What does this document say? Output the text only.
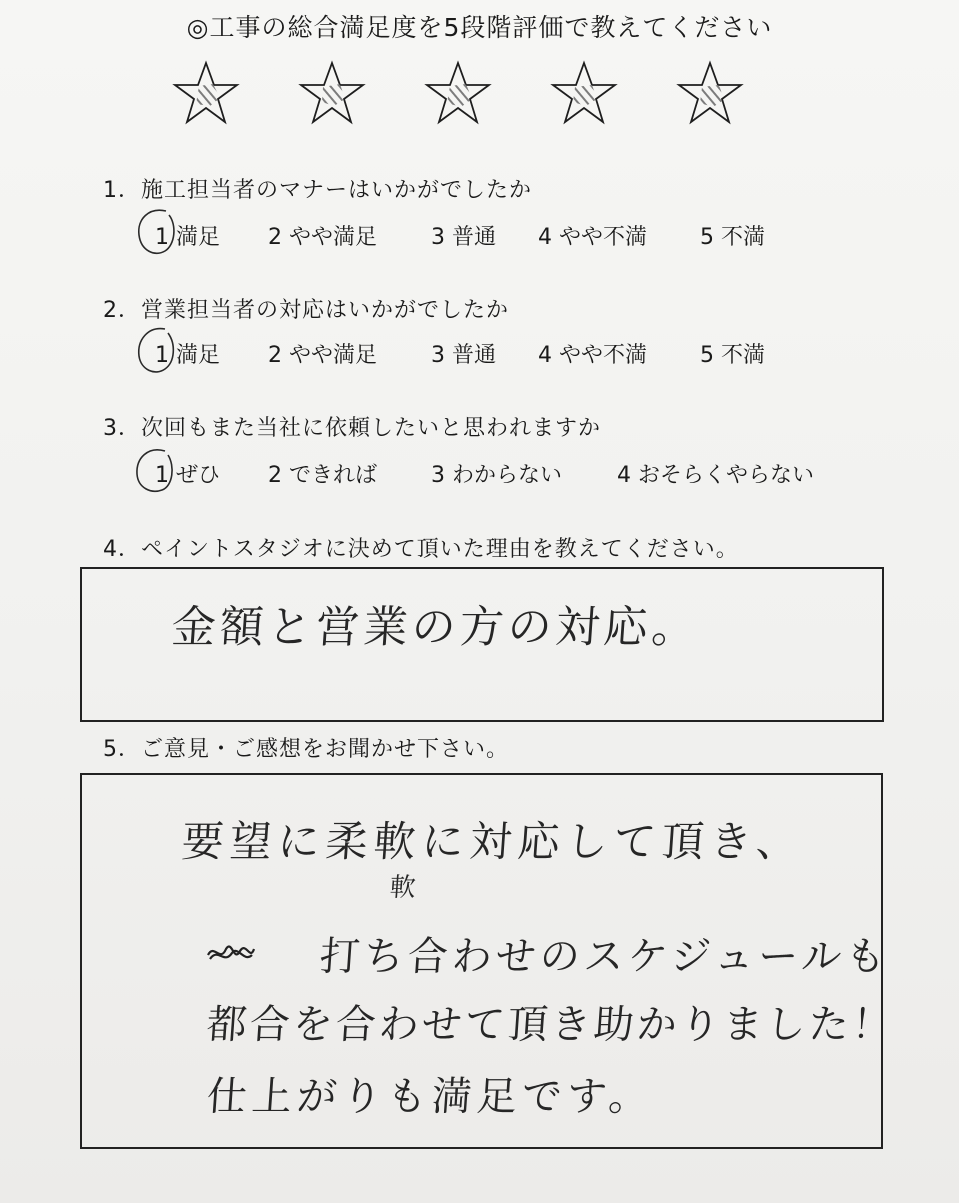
◎工事の総合満足度を5段階評価で教えてください
1．施工担当者のマナーはいかがでしたか
1 満足 2 やや満足 3 普通 4 やや不満 5 不満
2．営業担当者の対応はいかがでしたか
1 満足 2 やや満足 3 普通 4 やや不満 5 不満
3．次回もまた当社に依頼したいと思われますか
1 ぜひ 2 できれば 3 わからない	4 おそらくやらない
4．ペイントスタジオに決めて頂いた理由を教えてください。
金額と営業の方の対応。
5．ご意見・ご感想をお聞かせ下さい。
要望に柔軟に対応して頂き、
軟
打ち合わせのスケジュールも
都合を合わせて頂き助かりました！
仕上がりも満足です。
